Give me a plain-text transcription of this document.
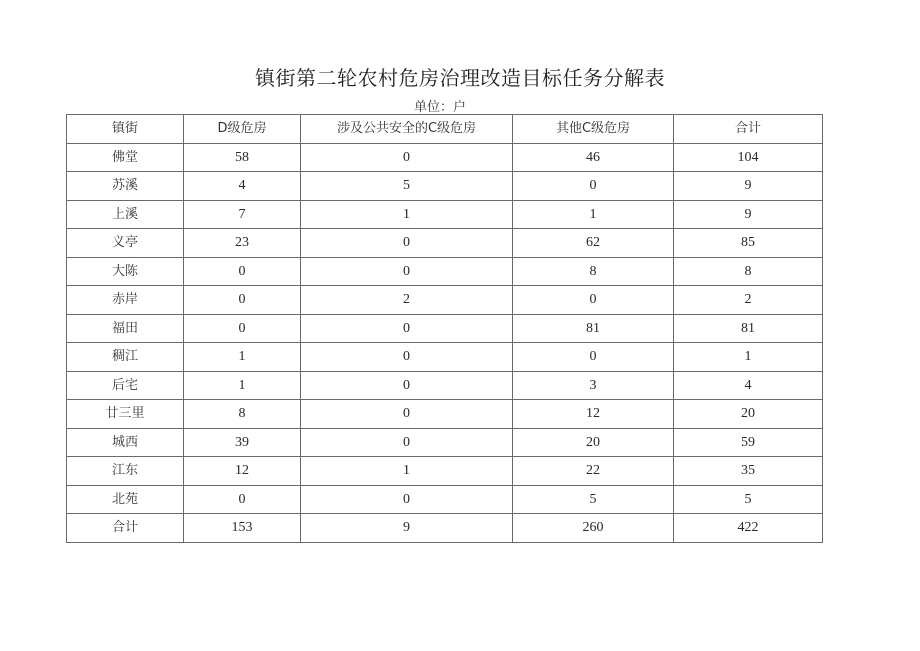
镇街第二轮农村危房治理改造目标任务分解表
单位：户
镇街	D级危房	涉及公共安全的C级危房	其他C级危房	合计
佛堂	58	0	46	104
苏溪	4	5	0	9
上溪	7	1	1	9
义亭	23	0	62	85
大陈	0	0	8	8
赤岸	0	2	0	2
福田	0	0	81	81
稠江	1	0	0	1
后宅	1	0	3	4
廿三里	8	0	12	20
城西	39	0	20	59
江东	12	1	22	35
北苑	0	0	5	5
合计	153	9	260	422
